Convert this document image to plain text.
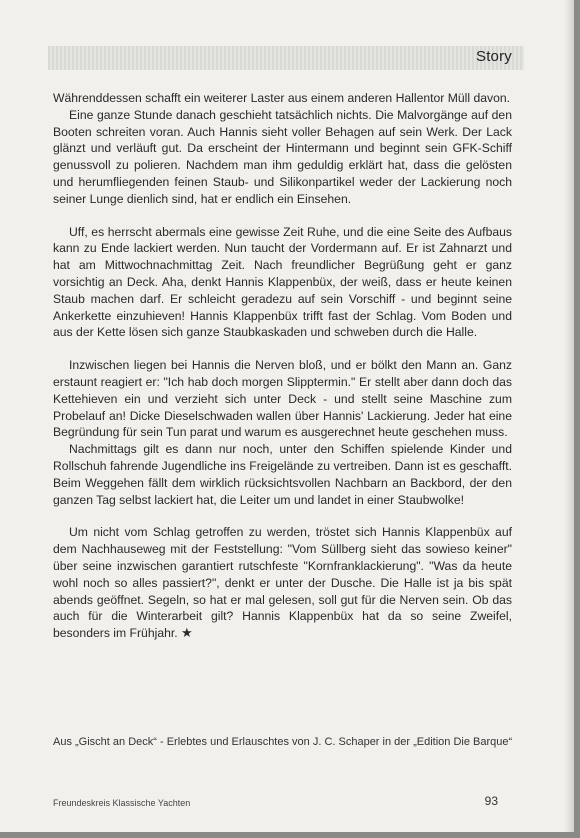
Story

Währenddessen schafft ein weiterer Laster aus einem anderen Hallentor Müll davon.

Eine ganze Stunde danach geschieht tatsächlich nichts. Die Malvorgänge auf den Booten schreiten voran. Auch Hannis sieht voller Behagen auf sein Werk. Der Lack glänzt und verläuft gut. Da erscheint der Hintermann und beginnt sein GFK-Schiff genussvoll zu polieren. Nachdem man ihm geduldig erklärt hat, dass die gelösten und herumfliegenden feinen Staub- und Silikonpartikel weder der Lackierung noch seiner Lunge dienlich sind, hat er endlich ein Einsehen.

Uff, es herrscht abermals eine gewisse Zeit Ruhe, und die eine Seite des Aufbaus kann zu Ende lackiert werden. Nun taucht der Vordermann auf. Er ist Zahnarzt und hat am Mittwochnachmittag Zeit. Nach freundlicher Begrüßung geht er ganz vorsichtig an Deck. Aha, denkt Hannis Klappenbüx, der weiß, dass er heute keinen Staub machen darf. Er schleicht geradezu auf sein Vorschiff - und beginnt seine Ankerkette einzuhieven! Hannis Klappenbüx trifft fast der Schlag. Vom Boden und aus der Kette lösen sich ganze Staubkaskaden und schweben durch die Halle.

Inzwischen liegen bei Hannis die Nerven bloß, und er bölkt den Mann an. Ganz erstaunt reagiert er: "Ich hab doch morgen Slipptermin." Er stellt aber dann doch das Kettehieven ein und verzieht sich unter Deck - und stellt seine Maschine zum Probelauf an! Dicke Dieselschwaden wallen über Hannis' Lackierung. Jeder hat eine Begründung für sein Tun parat und warum es ausgerechnet heute geschehen muss.

Nachmittags gilt es dann nur noch, unter den Schiffen spielende Kinder und Rollschuh fahrende Jugendliche ins Freigelände zu vertreiben. Dann ist es geschafft. Beim Weggehen fällt dem wirklich rücksichtsvollen Nachbarn an Backbord, der den ganzen Tag selbst lackiert hat, die Leiter um und landet in einer Staubwolke!

Um nicht vom Schlag getroffen zu werden, tröstet sich Hannis Klappenbüx auf dem Nachhauseweg mit der Feststellung: "Vom Süllberg sieht das sowieso keiner" über seine inzwischen garantiert rutschfeste "Kornfranklackierung". "Was da heute wohl noch so alles passiert?", denkt er unter der Dusche. Die Halle ist ja bis spät abends geöffnet. Segeln, so hat er mal gelesen, soll gut für die Nerven sein. Ob das auch für die Winterarbeit gilt? Hannis Klappenbüx hat da so seine Zweifel, besonders im Frühjahr. ★

Aus „Gischt an Deck“ - Erlebtes und Erlauschtes von J. C. Schaper in der „Edition Die Barque“
Freundeskreis Klassische Yachten	93
